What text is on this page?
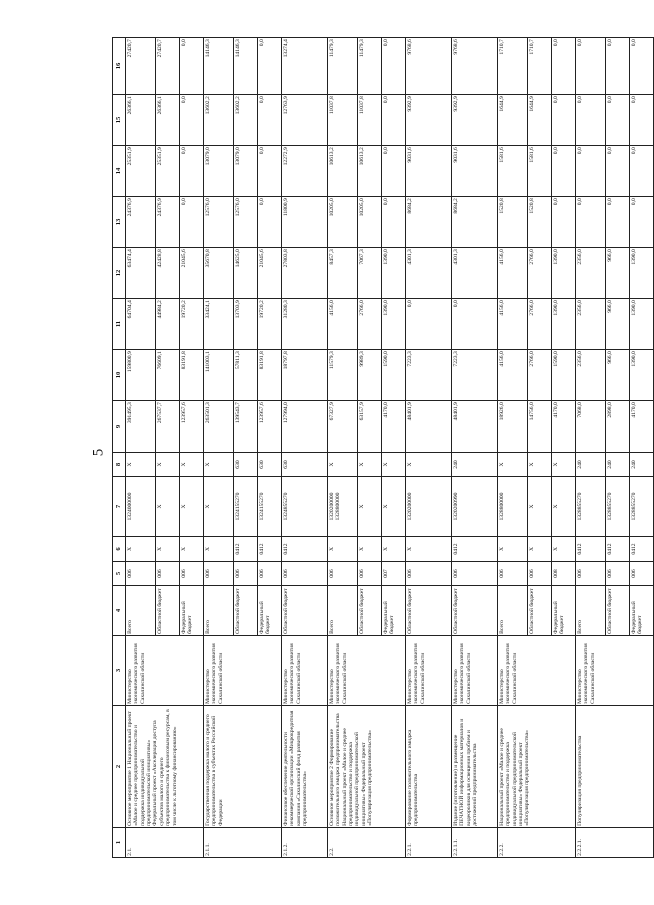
5
1	2	3	4	5	6	7	8	9	10	11	12	13	14	15	16
2.1.	Основное мероприятие 1 Национальный проект «Малое и среднее предпринимательство и поддержка индивидуальной предпринимательской инициативы» Федеральный проект «Акселерация доступа субъектов малого и среднего предпринимательства к финансовым ресурсам, в том числе к льготному финансированию»	Министерство экономического развития Сахалинской области	Всего	006	Х	1324000000	Х	391495,3	159800,9	64704,4	63474,4	24376,9	25351,9	26366,1	27420,7
			Областной бюджет	006	Х	Х	Х	267537,7	76609,1	44984,2	42428,8	24376,9	25351,9	26366,1	27420,7
			Федеральный бюджет	006	Х	Х	Х	123957,6	83191,8	19720,2	21045,6	0,0	0,0	0,0	0,0
2.1.1.	Государственная поддержка малого и среднего предпринимательства в субъектах Российской Федерации	Министерство экономического развития Сахалинской области	Всего	006	Х	Х	Х	263501,3	141003,1	33424,1	35670,8	12576,0	13079,0	13602,2	14146,3
			Областной бюджет	006	0412	1324155270	630	139543,7	57811,3	13703,9	14625,0	12576,0	13079,0	13602,2	14146,3
			Федеральный бюджет	006	0412	1324155270	630	123957,6	83191,8	19720,2	21045,6	0,0	0,0	0,0	0,0
2.1.2.	Финансовое обеспечение деятельности некоммерческой организации «Микрокредитная компания «Сахалинский фонд развития предпринимательства»	Министерство экономического развития Сахалинской области	Областной бюджет	006	0412	1324855270	630	127994,0	18797,8	31280,3	27803,8	11800,9	12272,9	12763,9	13274,4
2.2.	Основное мероприятие 2 Формирование положительного имиджа предпринимательства Национальный проект «Малое и среднее предпринимательство и поддержка индивидуальной предпринимательской инициативы» Федеральный проект «Популяризация предпринимательства»	Министерство экономического развития Сахалинской области	Всего	006	Х	1320200000 1328800000	Х	67327,9	11579,3	4156,0	8457,3	10205,0	10613,2	11037,8	11479,3
			Областной бюджет	006	Х	Х	Х	63157,9	9989,3	2766,0	7067,3	10205,0	10613,2	11037,8	11479,3
			Федеральный бюджет	007	Х	Х	Х	4170,0	1590,0	1390,0	1390,0	0,0	0,0	0,0	0,0
2.2.1.	Формирование положительного имиджа предпринимательства	Министерство экономического развития Сахалинской области	Областной бюджет	006	Х	1320200000	Х	48401,9	7223,3	0,0	4301,3	8684,2	9031,6	9392,9	9768,6
2.2.1.1.	Издание (изготовление) и размещение ПЕЧАТНОЙ информационных материалов и видеороликов для освещения проблем и достижений предпринимательства	Министерство экономического развития Сахалинской области	Областной бюджет	006	0412	1320200990	240	48401,9	7223,3	0,0	4301,3	8684,2	9031,6	9392,9	9768,6
2.2.2.	Национальный проект «Малое и среднее предпринимательство и поддержка индивидуальной предпринимательской инициативы» Федеральный проект «Популяризация предпринимательства»	Министерство экономического развития Сахалинской области	Всего	006	Х	1328800000	Х	18926,0	4156,0	4156,0	4156,0	1520,8	1581,6	1644,9	1710,7
			Областной бюджет	006	Х	Х	Х	14756,0	2766,0	2766,0	2766,0	1520,8	1581,6	1644,9	1710,7
			Федеральный бюджет	008	Х	Х	Х	4170,0	1590,0	1390,0	1390,0	0,0	0,0	0,0	0,0
2.2.2.1.	Популяризация предпринимательства	Министерство экономического развития Сахалинской области	Всего	006	0412	1328855270	240	7068,0	2356,0	2356,0	2356,0	0,0	0,0	0,0	0,0
			Областной бюджет	006	0412	1328855270	240	2898,0	966,0	966,0	966,0	0,0	0,0	0,0	0,0
			Федеральный бюджет	006	0412	1328855270	240	4170,0	1390,0	1390,0	1390,0	0,0	0,0	0,0	0,0
